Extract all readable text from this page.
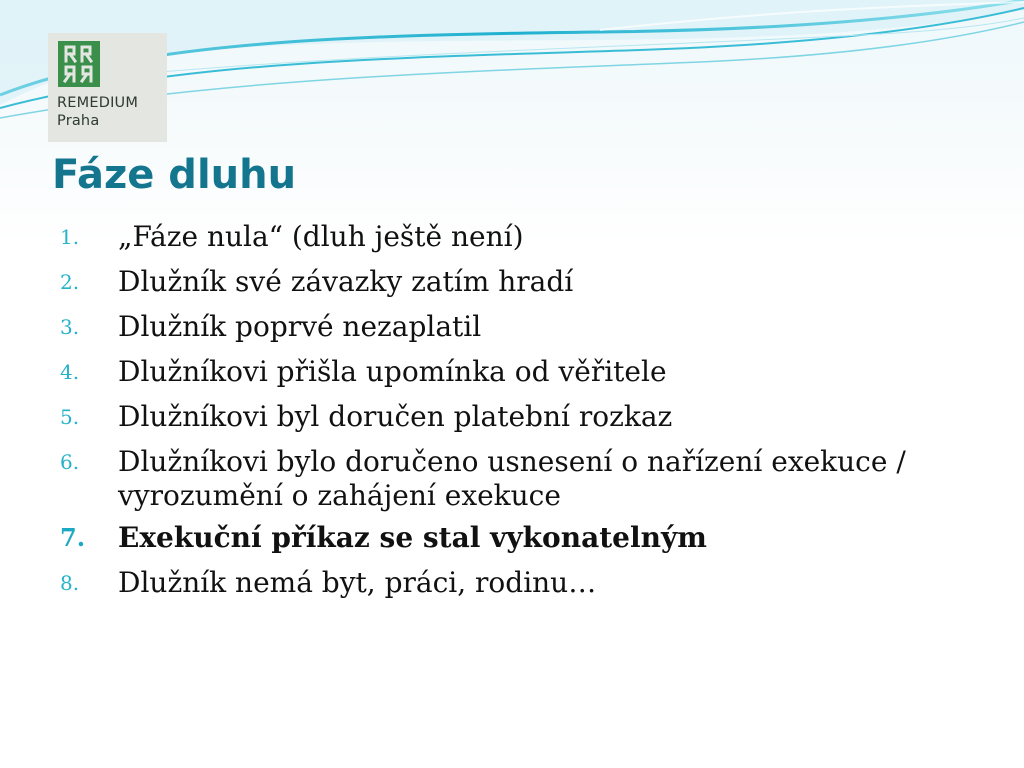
REMEDIUM
Praha
Fáze dluhu
1.	„Fáze nula“ (dluh ještě není)
2.	Dlužník své závazky zatím hradí
3.	Dlužník poprvé nezaplatil
4.	Dlužníkovi přišla upomínka od věřitele
5.	Dlužníkovi byl doručen platební rozkaz
6.	Dlužníkovi bylo doručeno usnesení o nařízení exekuce / vyrozumění o zahájení exekuce
7.	Exekuční příkaz se stal vykonatelným
8.	Dlužník nemá byt, práci, rodinu…
